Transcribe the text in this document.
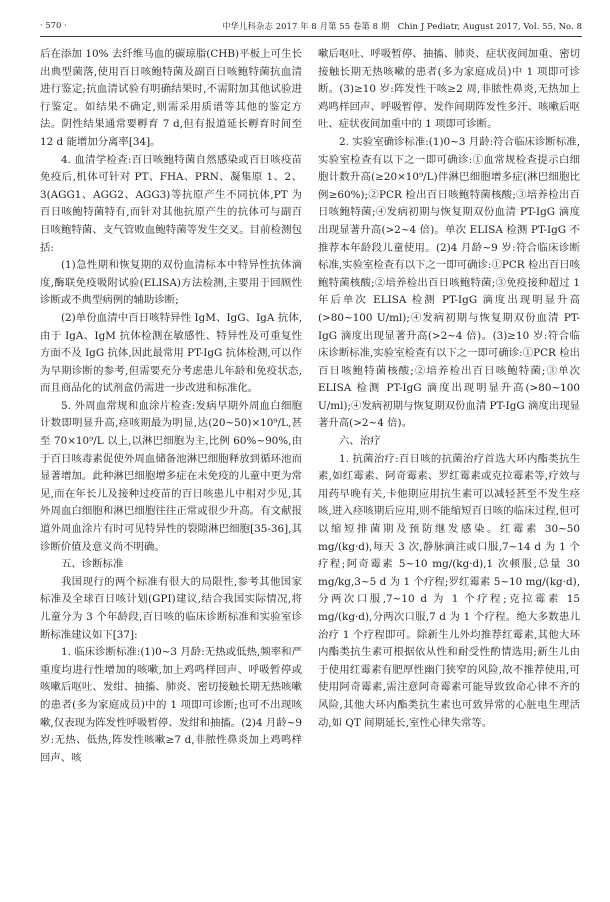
· 570 ·	中华儿科杂志 2017 年 8 月第 55 卷第 8 期　Chin J Pediatr, August 2017, Vol. 55, No. 8

后在添加 10% 去纤维马血的碳琼脂(CHB)平板上可生长出典型菌落,使用百日咳鲍特菌及副百日咳鲍特菌抗血清进行鉴定;抗血清试验有明确结果时,不需附加其他试验进行鉴定。如结果不确定,则需采用质谱等其他的鉴定方法。阴性结果通常要孵育 7 d,但有报道延长孵育时间至 12 d 能增加分离率[34]。

4. 血清学检查:百日咳鲍特菌自然感染或百日咳疫苗免疫后,机体可针对 PT、FHA、PRN、凝集原 1、2、3(AGG1、AGG2、AGG3)等抗原产生不同抗体,PT 为百日咳鲍特菌特有,而针对其他抗原产生的抗体可与副百日咳鲍特菌、支气管败血鲍特菌等发生交叉。目前检测包括:

(1)急性期和恢复期的双份血清标本中特异性抗体滴度,酶联免疫吸附试验(ELISA)方法检测,主要用于回顾性诊断或不典型病例的辅助诊断;

(2)单份血清中百日咳特异性 IgM、IgG、IgA 抗体,由于 IgA、IgM 抗体检测在敏感性、特异性及可重复性方面不及 IgG 抗体,因此最常用 PT-IgG 抗体检测,可以作为早期诊断的参考,但需要充分考虑患儿年龄和免疫状态,而且商品化的试剂盒仍需进一步改进和标准化。

5. 外周血常规和血涂片检查:发病早期外周血白细胞计数即明显升高,痉咳期最为明显,达(20~50)×10⁹/L,甚至 70×10⁹/L 以上,以淋巴细胞为主,比例 60%~90%,由于百日咳毒素促使外周血储备池淋巴细胞释放到循环池而显著增加。此种淋巴细胞增多症在未免疫的儿童中更为常见,而在年长儿及接种过疫苗的百日咳患儿中相对少见,其外周血白细胞和淋巴细胞往往正常或很少升高。有文献报道外周血涂片有时可见特异性的裂隙淋巴细胞[35-36],其诊断价值及意义尚不明确。

五、诊断标准

我国现行的两个标准有很大的局限性,参考其他国家标准及全球百日咳计划(GPI)建议,结合我国实际情况,将儿童分为 3 个年龄段,百日咳的临床诊断标准和实验室诊断标准建议如下[37]:

1. 临床诊断标准:(1)0~3 月龄:无热或低热,频率和严重度均进行性增加的咳嗽,加上鸡鸣样回声、呼吸暂停或咳嗽后呕吐、发绀、抽搐、肺炎、密切接触长期无热咳嗽的患者(多为家庭成员)中的 1 项即可诊断;也可不出现咳嗽,仅表现为阵发性呼吸暂停、发绀和抽搐。(2)4 月龄~9 岁:无热、低热,阵发性咳嗽≥7 d,非脓性鼻炎加上鸡鸣样回声、咳

嗽后呕吐、呼吸暂停、抽搐、肺炎、症状夜间加重、密切接触长期无热咳嗽的患者(多为家庭成员)中 1 项即可诊断。(3)≥10 岁:阵发性干咳≥2 周,非脓性鼻炎,无热加上鸡鸣样回声、呼吸暂停、发作间期阵发性多汗、咳嗽后呕吐、症状夜间加重中的 1 项即可诊断。

2. 实验室确诊标准:(1)0~3 月龄:符合临床诊断标准,实验室检查有以下之一即可确诊:①血常规检查提示白细胞计数升高(≥20×10⁹/L)伴淋巴细胞增多症(淋巴细胞比例≥60%);②PCR 检出百日咳鲍特菌核酸;③培养检出百日咳鲍特菌;④发病初期与恢复期双份血清 PT-IgG 滴度出现显著升高(>2~4 倍)。单次 ELISA 检测 PT-IgG 不推荐本年龄段儿童使用。(2)4 月龄~9 岁:符合临床诊断标准,实验室检查有以下之一即可确诊:①PCR 检出百日咳鲍特菌核酸;②培养检出百日咳鲍特菌;③免疫接种超过 1 年后单次 ELISA 检测 PT-IgG 滴度出现明显升高(>80~100 U/ml);④发病初期与恢复期双份血清 PT-IgG 滴度出现显著升高(>2~4 倍)。(3)≥10 岁:符合临床诊断标准,实验室检查有以下之一即可确诊:①PCR 检出百日咳鲍特菌核酸;②培养检出百日咳鲍特菌;③单次 ELISA 检测 PT-IgG 滴度出现明显升高(>80~100 U/ml);④发病初期与恢复期双份血清 PT-IgG 滴度出现显著升高(>2~4 倍)。

六、治疗

1. 抗菌治疗:百日咳的抗菌治疗首选大环内酯类抗生素,如红霉素、阿奇霉素、罗红霉素或克拉霉素等,疗效与用药早晚有关,卡他期应用抗生素可以减轻甚至不发生痉咳,进入痉咳期后应用,则不能缩短百日咳的临床过程,但可以缩短排菌期及预防继发感染。红霉素 30~50 mg/(kg·d),每天 3 次,静脉滴注或口服,7~14 d 为 1 个疗程;阿奇霉素 5~10 mg/(kg·d),1 次顿服,总量 30 mg/kg,3~5 d 为 1 个疗程;罗红霉素 5~10 mg/(kg·d),分两次口服,7~10 d 为 1 个疗程;克拉霉素 15 mg/(kg·d),分两次口服,7 d 为 1 个疗程。绝大多数患儿治疗 1 个疗程即可。除新生儿外均推荐红霉素,其他大环内酯类抗生素可根据依从性和耐受性酌情选用;新生儿由于使用红霉素有肥厚性幽门狭窄的风险,故不推荐使用,可使用阿奇霉素,需注意阿奇霉素可能导致致命心律不齐的风险,其他大环内酯类抗生素也可致异常的心脏电生理活动,如 QT 间期延长,室性心律失常等。
